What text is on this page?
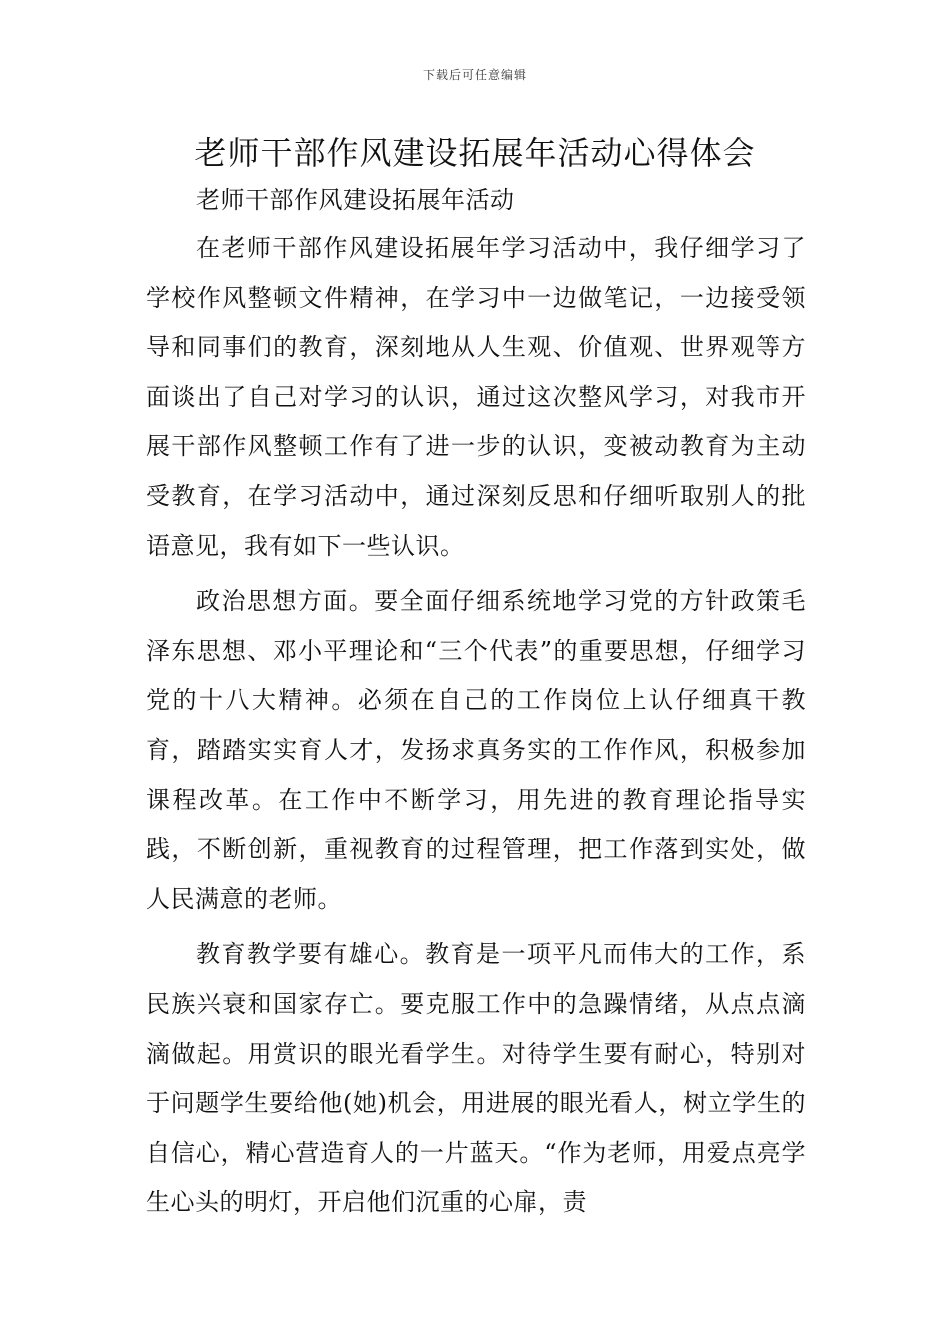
下载后可任意编辑
老师干部作风建设拓展年活动心得体会

老师干部作风建设拓展年活动

在老师干部作风建设拓展年学习活动中，我仔细学习了学校作风整顿文件精神，在学习中一边做笔记，一边接受领导和同事们的教育，深刻地从人生观、价值观、世界观等方面谈出了自己对学习的认识，通过这次整风学习，对我市开展干部作风整顿工作有了进一步的认识，变被动教育为主动受教育，在学习活动中，通过深刻反思和仔细听取别人的批语意见，我有如下一些认识。

政治思想方面。要全面仔细系统地学习党的方针政策毛泽东思想、邓小平理论和“三个代表”的重要思想，仔细学习党的十八大精神。必须在自己的工作岗位上认仔细真干教育，踏踏实实育人才，发扬求真务实的工作作风，积极参加课程改革。在工作中不断学习，用先进的教育理论指导实践，不断创新，重视教育的过程管理，把工作落到实处，做人民满意的老师。

教育教学要有雄心。教育是一项平凡而伟大的工作，系民族兴衰和国家存亡。要克服工作中的急躁情绪，从点点滴滴做起。用赏识的眼光看学生。对待学生要有耐心，特别对于问题学生要给他(她)机会，用进展的眼光看人，树立学生的自信心，精心营造育人的一片蓝天。“作为老师，用爱点亮学生心头的明灯，开启他们沉重的心扉，责
